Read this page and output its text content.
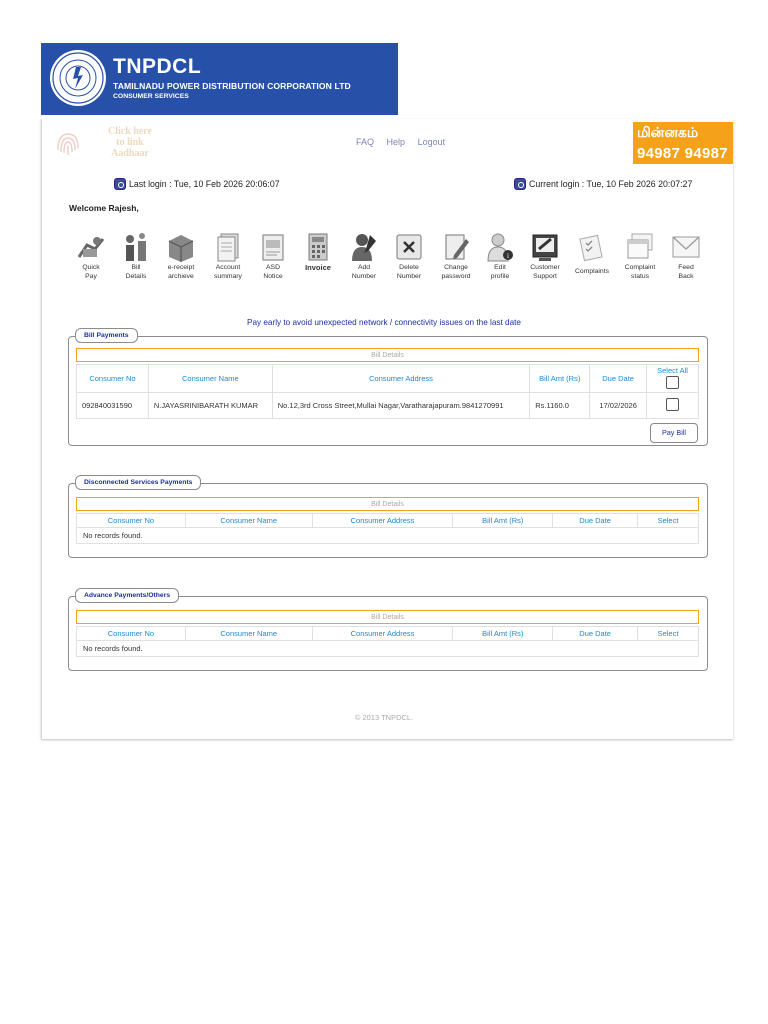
TNPDCL
TAMILNADU POWER DISTRIBUTION CORPORATION LTD
CONSUMER SERVICES
Click here
to link
Aadhaar
FAQ Help Logout
மின்னகம்
94987 94987
Last login : Tue, 10 Feb 2026 20:06:07	Current login : Tue, 10 Feb 2026 20:07:27
Welcome Rajesh,
Quick
Pay
Bill
Details
e-receipt
archieve
Account
summary
ASD
Notice
Invoice	Add
Number
Delete
Number
Change
password
i
Edit
profile
Customer
Support
Complaints
Complaint
status
Feed
Back
Pay early to avoid unexpected network / connectivity issues on the last date
Bill Payments
Bill Details
Consumer No	Consumer Name	Consumer Address	Bill Amt (Rs)	Due Date	Select All

092840031590	N.JAYASRINIBARATH KUMAR	No.12,3rd Cross Street,Mullai Nagar,Varatharajapuram.9841270991	Rs.1160.0	17/02/2026	
Pay Bill
Disconnected Services Payments
Bill Details
Consumer No	Consumer Name	Consumer Address	Bill Amt (Rs)	Due Date	Select
No records found.
Advance Payments/Others
Bill Details
Consumer No	Consumer Name	Consumer Address	Bill Amt (Rs)	Due Date	Select
No records found.
© 2013 TNPDCL.
